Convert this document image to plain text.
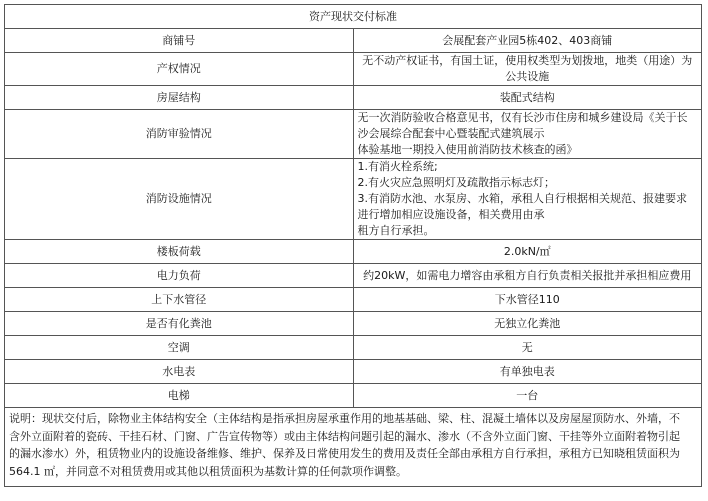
资产现状交付标准	
商铺号	会展配套产业园5栋402、403商铺
产权情况	无不动产权证书，有国土证，使用权类型为划拨地，地类（用途）为公共设施
房屋结构	装配式结构
消防审验情况	无一次消防验收合格意见书，仅有长沙市住房和城乡建设局《关于长沙会展综合配套中心暨装配式建筑展示
体验基地一期投入使用前消防技术核查的函》

消防设施情况	1.有消火栓系统;
2.有火灾应急照明灯及疏散指示标志灯；
3.有消防水池、水泵房、水箱，承租人自行根据相关规范、报建要求进行增加相应设施设备，相关费用由承
租方自行承担。

楼板荷载	2.0kN/㎡
电力负荷	约20kW，如需电力增容由承租方自行负责相关报批并承担相应费用
上下水管径	下水管径110
是否有化粪池	无独立化粪池
空调	无
水电表	有单独电表
电梯	一台

说明：现状交付后，除物业主体结构安全（主体结构是指承担房屋承重作用的地基基础、梁、柱、混凝土墙体以及房屋屋顶防水、外墙，不
含外立面附着的瓷砖、干挂石材、门窗、广告宣传物等）或由主体结构问题引起的漏水、渗水（不含外立面门窗、干挂等外立面附着物引起
的漏水渗水）外，租赁物业内的设施设备维修、维护、保养及日常使用发生的费用及责任全部由承租方自行承担，承租方已知晓租赁面积为
564.1 ㎡，并同意不对租赁费用或其他以租赁面积为基数计算的任何款项作调整。	
